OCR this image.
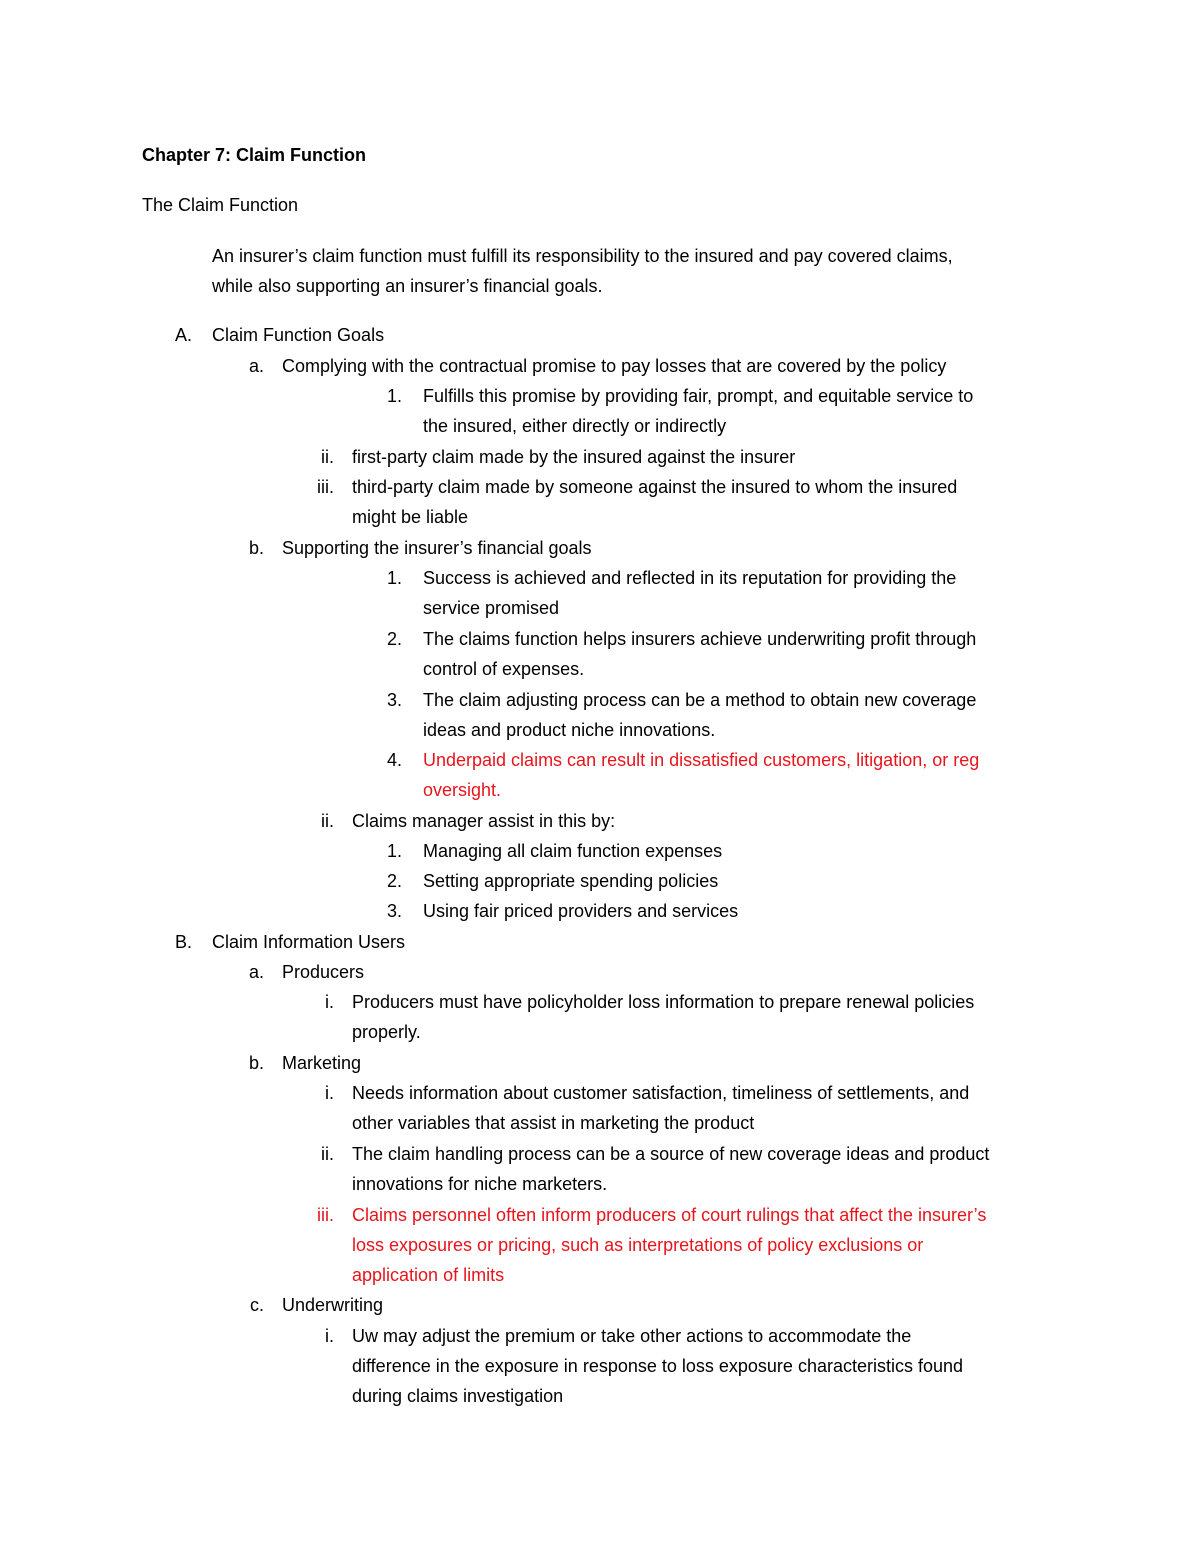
Chapter 7: Claim Function
The Claim Function
An insurer’s claim function must fulfill its responsibility to the insured and pay covered claims,
while also supporting an insurer’s financial goals.
A. Claim Function Goals
a. Complying with the contractual promise to pay losses that are covered by the policy
1. Fulfills this promise by providing fair, prompt, and equitable service to
the insured, either directly or indirectly
ii. first-party claim made by the insured against the insurer
iii. third-party claim made by someone against the insured to whom the insured
might be liable
b. Supporting the insurer’s financial goals
1. Success is achieved and reflected in its reputation for providing the
service promised
2. The claims function helps insurers achieve underwriting profit through
control of expenses.
3. The claim adjusting process can be a method to obtain new coverage
ideas and product niche innovations.
4. Underpaid claims can result in dissatisfied customers, litigation, or reg
oversight.
ii. Claims manager assist in this by:
1. Managing all claim function expenses
2. Setting appropriate spending policies
3. Using fair priced providers and services
B. Claim Information Users
a. Producers
i. Producers must have policyholder loss information to prepare renewal policies
properly.
b. Marketing
i. Needs information about customer satisfaction, timeliness of settlements, and
other variables that assist in marketing the product
ii. The claim handling process can be a source of new coverage ideas and product
innovations for niche marketers.
iii. Claims personnel often inform producers of court rulings that affect the insurer’s
loss exposures or pricing, such as interpretations of policy exclusions or
application of limits
c. Underwriting
i. Uw may adjust the premium or take other actions to accommodate the
difference in the exposure in response to loss exposure characteristics found
during claims investigation
